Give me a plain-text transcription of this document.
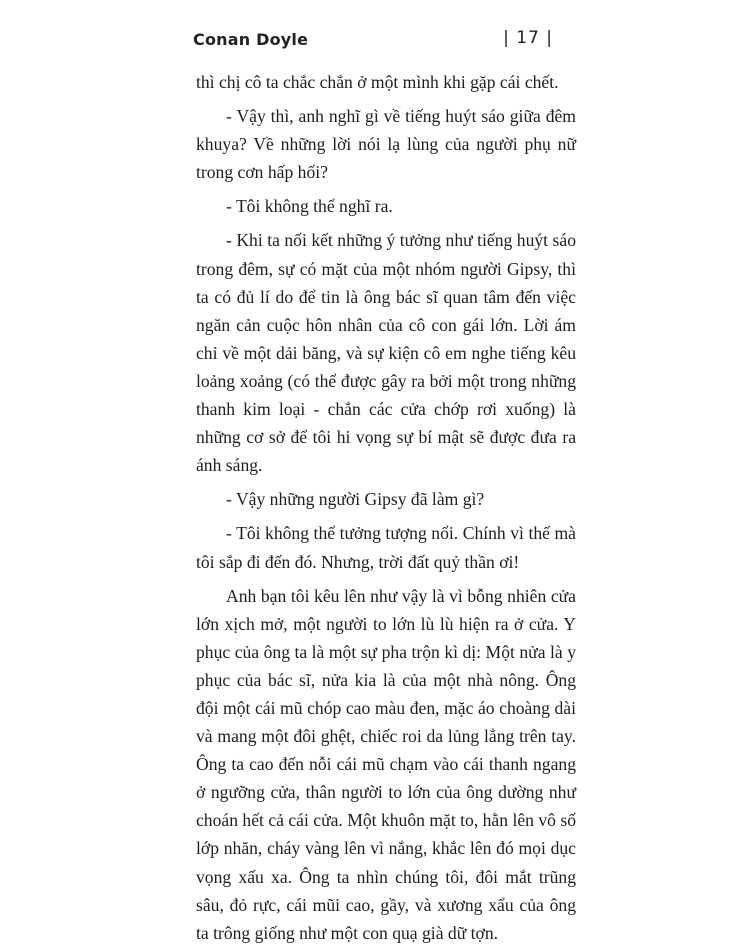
Conan Doyle	| 17 |

thì chị cô ta chắc chắn ở một mình khi gặp cái chết.

- Vậy thì, anh nghĩ gì về tiếng huýt sáo giữa đêm khuya? Về những lời nói lạ lùng của người phụ nữ trong cơn hấp hối?

- Tôi không thể nghĩ ra.

- Khi ta nối kết những ý tưởng như tiếng huýt sáo trong đêm, sự có mặt của một nhóm người Gipsy, thì ta có đủ lí do để tin là ông bác sĩ quan tâm đến việc ngăn cản cuộc hôn nhân của cô con gái lớn. Lời ám chỉ về một dải băng, và sự kiện cô em nghe tiếng kêu loảng xoảng (có thể được gây ra bởi một trong những thanh kim loại - chắn các cửa chớp rơi xuống) là những cơ sở để tôi hi vọng sự bí mật sẽ được đưa ra ánh sáng.

- Vậy những người Gipsy đã làm gì?

- Tôi không thể tưởng tượng nổi. Chính vì thế mà tôi sắp đi đến đó. Nhưng, trời đất quỷ thần ơi!

Anh bạn tôi kêu lên như vậy là vì bỗng nhiên cửa lớn xịch mở, một người to lớn lù lù hiện ra ở cửa. Y phục của ông ta là một sự pha trộn kì dị: Một nửa là y phục của bác sĩ, nửa kia là của một nhà nông. Ông đội một cái mũ chóp cao màu đen, mặc áo choàng dài và mang một đôi ghệt, chiếc roi da lủng lẳng trên tay. Ông ta cao đến nỗi cái mũ chạm vào cái thanh ngang ở ngưỡng cửa, thân người to lớn của ông dường như choán hết cả cái cửa. Một khuôn mặt to, hằn lên vô số lớp nhăn, cháy vàng lên vì nắng, khắc lên đó mọi dục vọng xấu xa. Ông ta nhìn chúng tôi, đôi mắt trũng sâu, đỏ rực, cái mũi cao, gầy, và xương xẩu của ông ta trông giống như một con quạ già dữ tợn.
